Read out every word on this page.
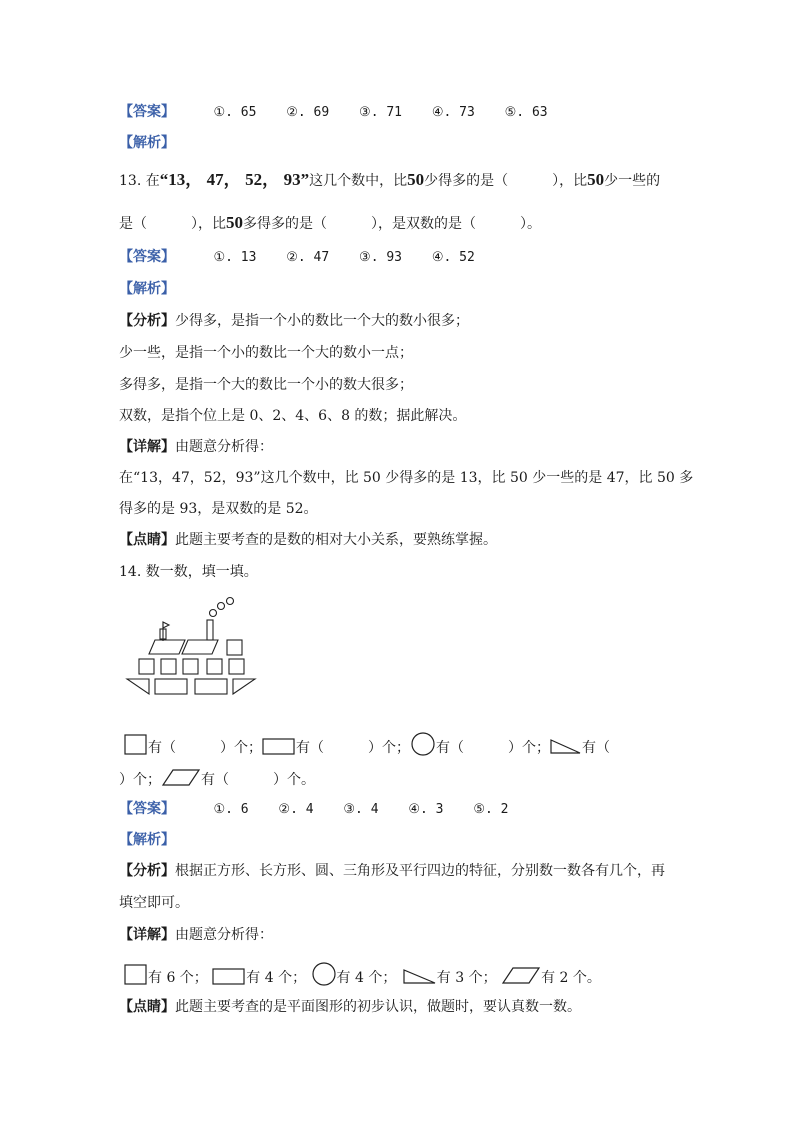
【答案】	①. 65 ②. 69 ③. 71 ④. 73 ⑤. 63
【解析】
13. 在“13， 47， 52， 93”这几个数中，比50少得多的是（	），比50少一些的
是（	），比50多得多的是（	），是双数的是（	）。
【答案】	①. 13 ②. 47 ③. 93 ④. 52
【解析】
【分析】少得多，是指一个小的数比一个大的数小很多；
少一些，是指一个小的数比一个大的数小一点；
多得多，是指一个大的数比一个小的数大很多；
双数，是指个位上是 0、2、4、6、8 的数；据此解决。
【详解】由题意分析得：
在“13，47，52，93”这几个数中，比 50 少得多的是 13，比 50 少一些的是 47，比 50 多
得多的是 93，是双数的是 52。
【点睛】此题主要考查的是数的相对大小关系，要熟练掌握。
14. 数一数，填一填。
有（	）个； 有（	）个； 有（	）个； 有（
）个；	有（	）个。
【答案】	①. 6 ②. 4 ③. 4 ④. 3 ⑤. 2
【解析】
【分析】根据正方形、长方形、圆、三角形及平行四边的特征，分别数一数各有几个，再
填空即可。
【详解】由题意分析得：
有 6 个；	有 4 个； 有 4 个；	有 3 个；	有 2 个。
【点睛】此题主要考查的是平面图形的初步认识，做题时，要认真数一数。
